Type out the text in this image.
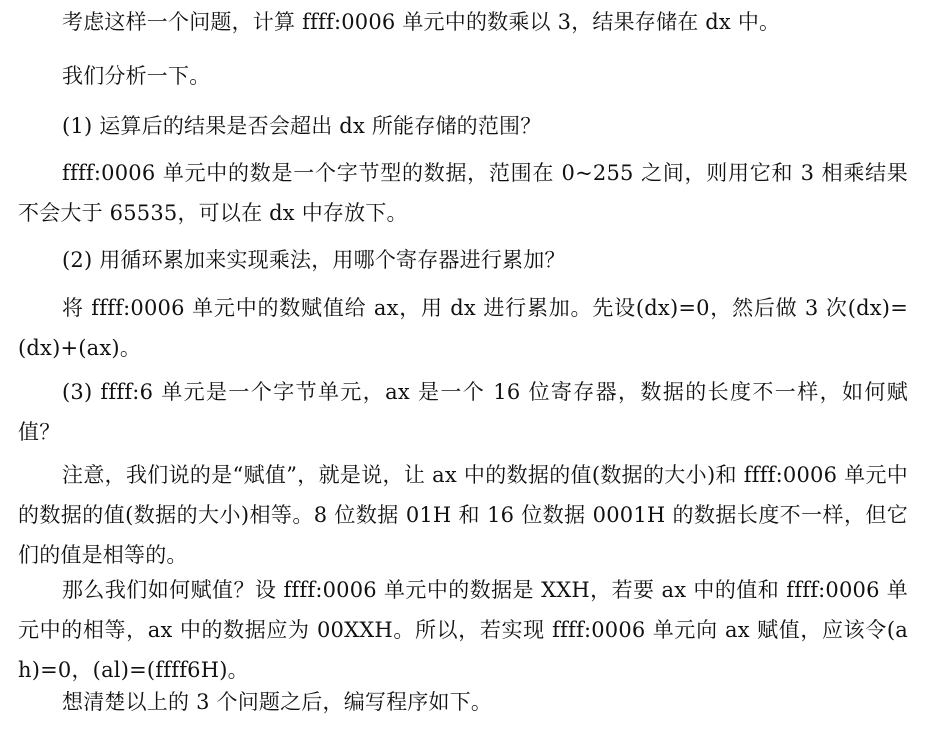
考虑这样一个问题，计算 ffff:0006 单元中的数乘以 3，结果存储在 dx 中。

我们分析一下。

(1) 运算后的结果是否会超出 dx 所能存储的范围？

ffff:0006 单元中的数是一个字节型的数据，范围在 0~255 之间，则用它和 3 相乘结果不会大于 65535，可以在 dx 中存放下。

(2) 用循环累加来实现乘法，用哪个寄存器进行累加？

将 ffff:0006 单元中的数赋值给 ax，用 dx 进行累加。先设(dx)=0，然后做 3 次(dx)=(dx)+(ax)。

(3) ffff:6 单元是一个字节单元，ax 是一个 16 位寄存器，数据的长度不一样，如何赋值？

注意，我们说的是“赋值”，就是说，让 ax 中的数据的值(数据的大小)和 ffff:0006 单元中的数据的值(数据的大小)相等。8 位数据 01H 和 16 位数据 0001H 的数据长度不一样，但它们的值是相等的。

那么我们如何赋值？设 ffff:0006 单元中的数据是 XXH，若要 ax 中的值和 ffff:0006 单元中的相等，ax 中的数据应为 00XXH。所以，若实现 ffff:0006 单元向 ax 赋值，应该令(ah)=0，(al)=(ffff6H)。

想清楚以上的 3 个问题之后，编写程序如下。
